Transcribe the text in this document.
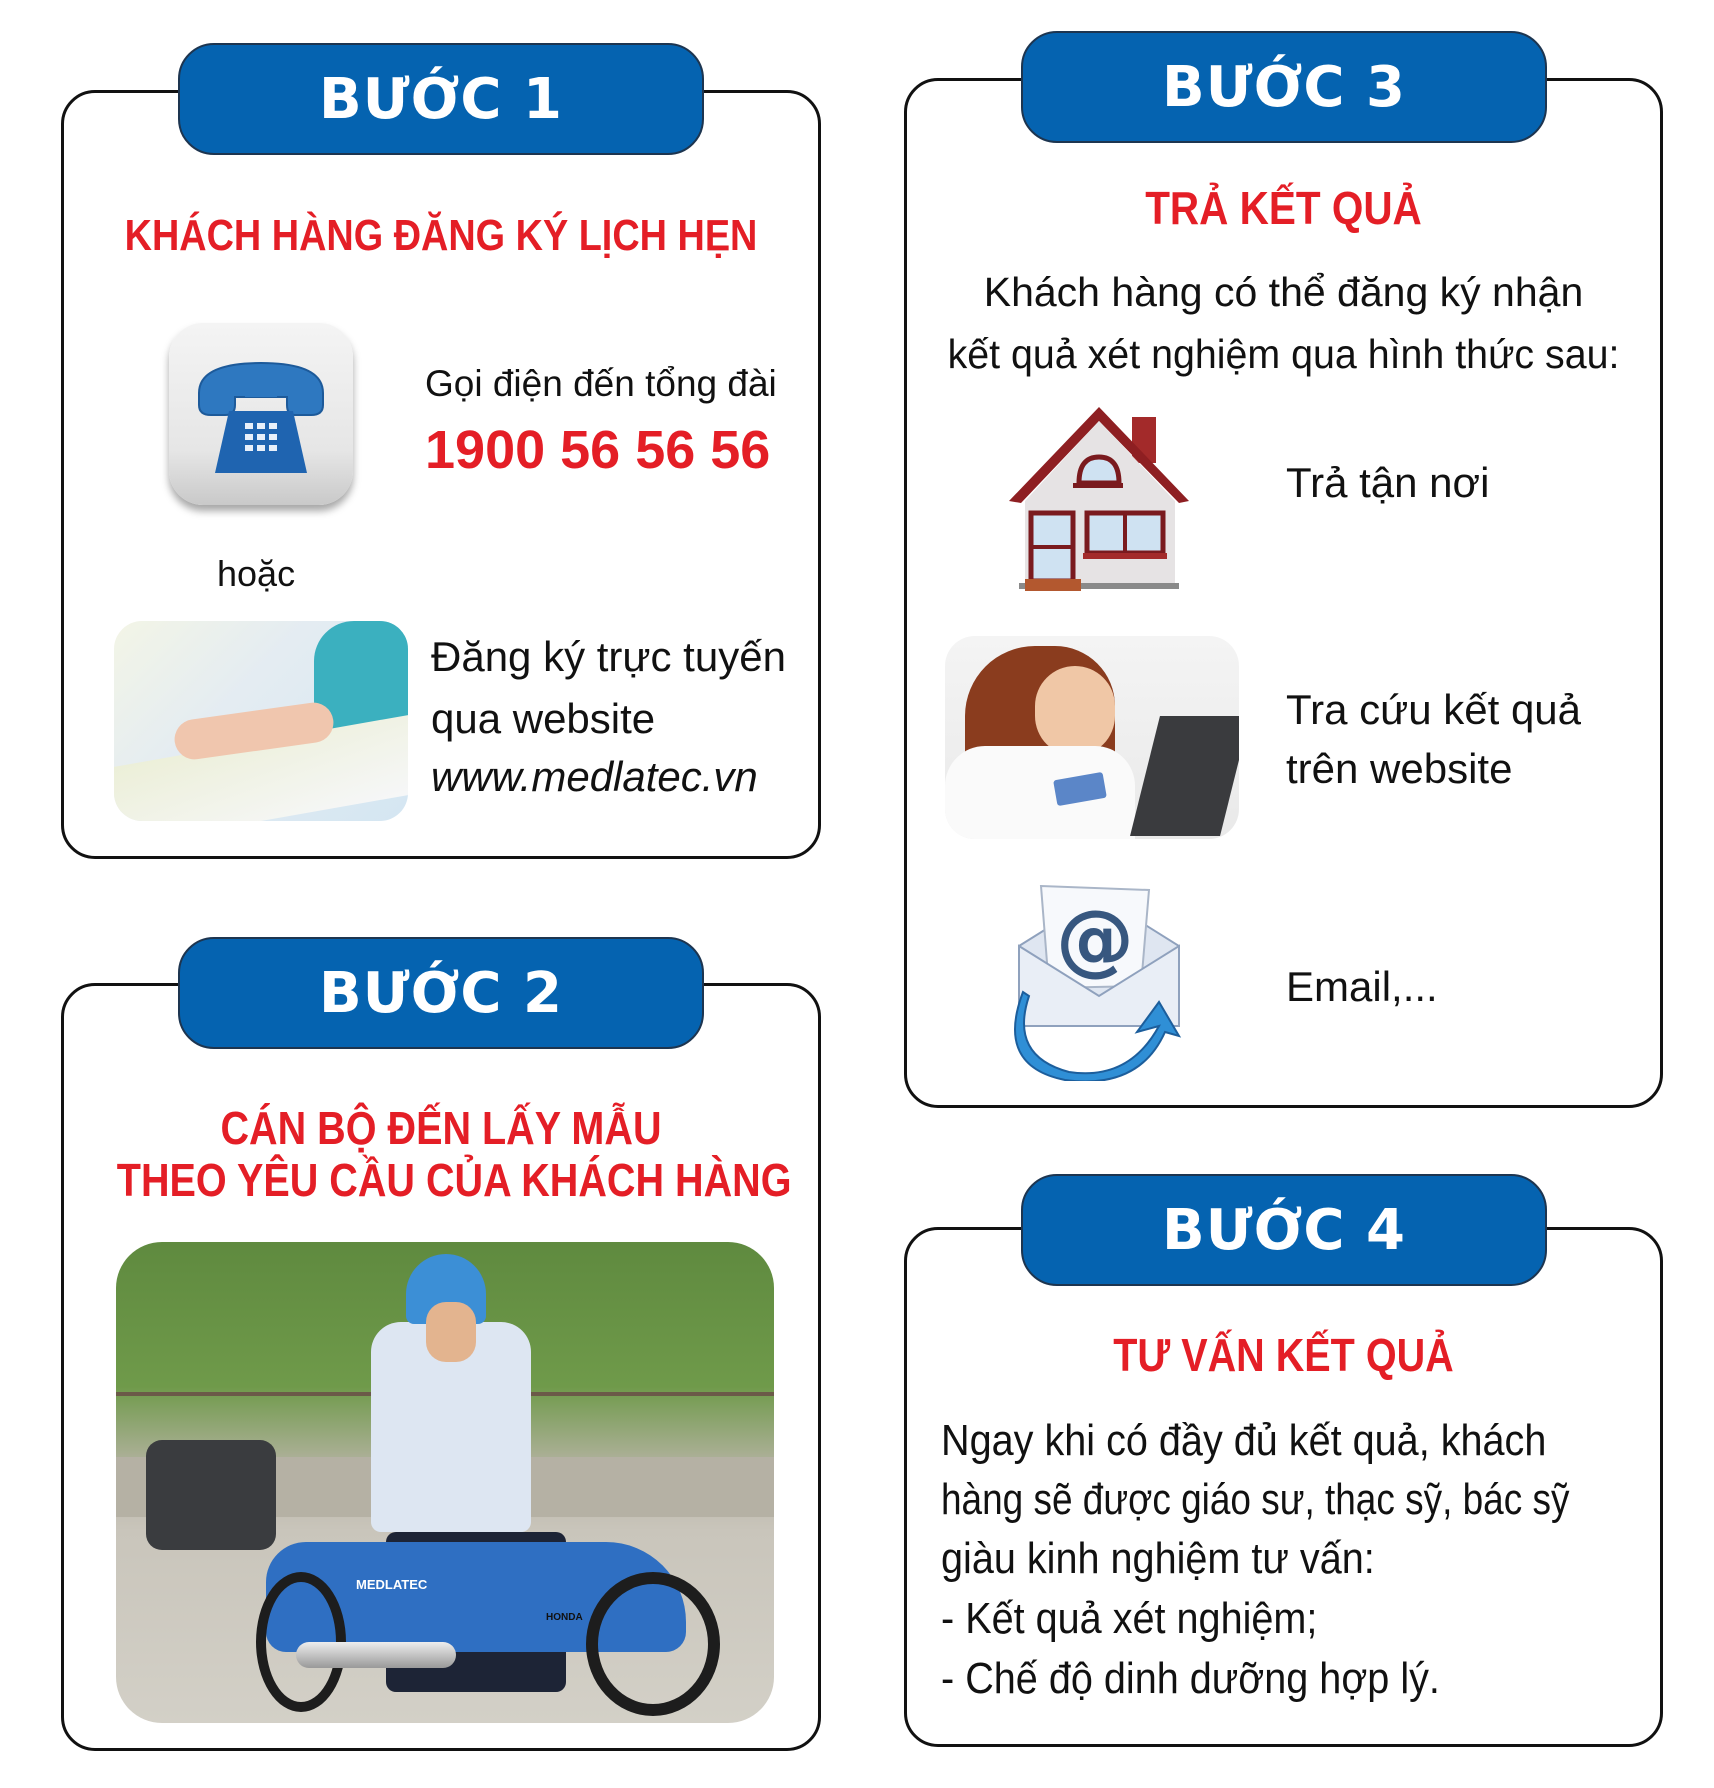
KHÁCH HÀNG ĐĂNG KÝ LỊCH HẸN
Gọi điện đến tổng đài
1900 56 56 56
hoặc
Đăng ký trực tuyến
qua website
www.medlatec.vn
BƯỚC 1
CÁN BỘ ĐẾN LẤY MẪU
THEO YÊU CẦU CỦA KHÁCH HÀNG
MEDLATEC
HONDA
BƯỚC 2
TRẢ KẾT QUẢ
Khách hàng có thể đăng ký nhận
kết quả xét nghiệm qua hình thức sau:
Trả tận nơi
Tra cứu kết quả
trên website
@
Email,...
BƯỚC 3
TƯ VẤN KẾT QUẢ
Ngay khi có đầy đủ kết quả, khách
hàng sẽ được giáo sư, thạc sỹ, bác sỹ
giàu kinh nghiệm tư vấn:
- Kết quả xét nghiệm;
- Chế độ dinh dưỡng hợp lý.
BƯỚC 4
